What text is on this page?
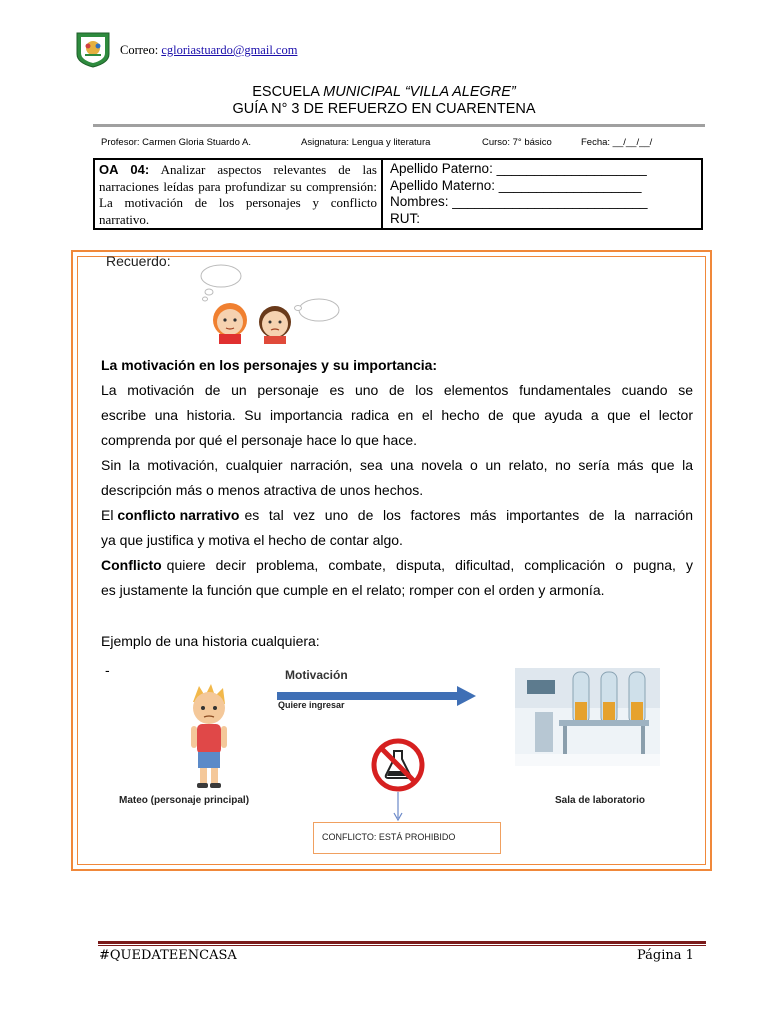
Correo: cgloriastuardo@gmail.com
ESCUELA MUNICIPAL “VILLA ALEGRE”
GUÍA N° 3 DE REFUERZO EN CUARENTENA
Profesor: Carmen Gloria Stuardo A.	Asignatura: Lengua y literatura	Curso: 7° básico	Fecha: __/__/__/
OA 04: Analizar aspectos relevantes de las narraciones leídas para profundizar su comprensión: La motivación de los personajes y conflicto narrativo.
Apellido Paterno: ____________________
Apellido Materno: ___________________
Nombres: __________________________
RUT:
Recuerdo:
La motivación en los personajes y su importancia:
La motivación de un personaje es uno de los elementos fundamentales cuando se
escribe una historia. Su importancia radica en el hecho de que ayuda a que el lector
comprenda por qué el personaje hace lo que hace.
Sin la motivación, cualquier narración, sea una novela o un relato, no sería más que la
descripción más o menos atractiva de unos hechos.
El conflicto narrativo es tal vez uno de los factores más importantes de la narración
ya que justifica y motiva el hecho de contar algo.
Conflicto quiere decir problema, combate, disputa, dificultad, complicación o pugna, y
es justamente la función que cumple en el relato; romper con el orden y armonía.
Ejemplo de una historia cualquiera:
-	Motivación
Quiere ingresar
Mateo (personaje principal)	Sala de laboratorio
CONFLICTO: ESTÁ PROHIBIDO
#QUEDATEENCASA	Página 1
